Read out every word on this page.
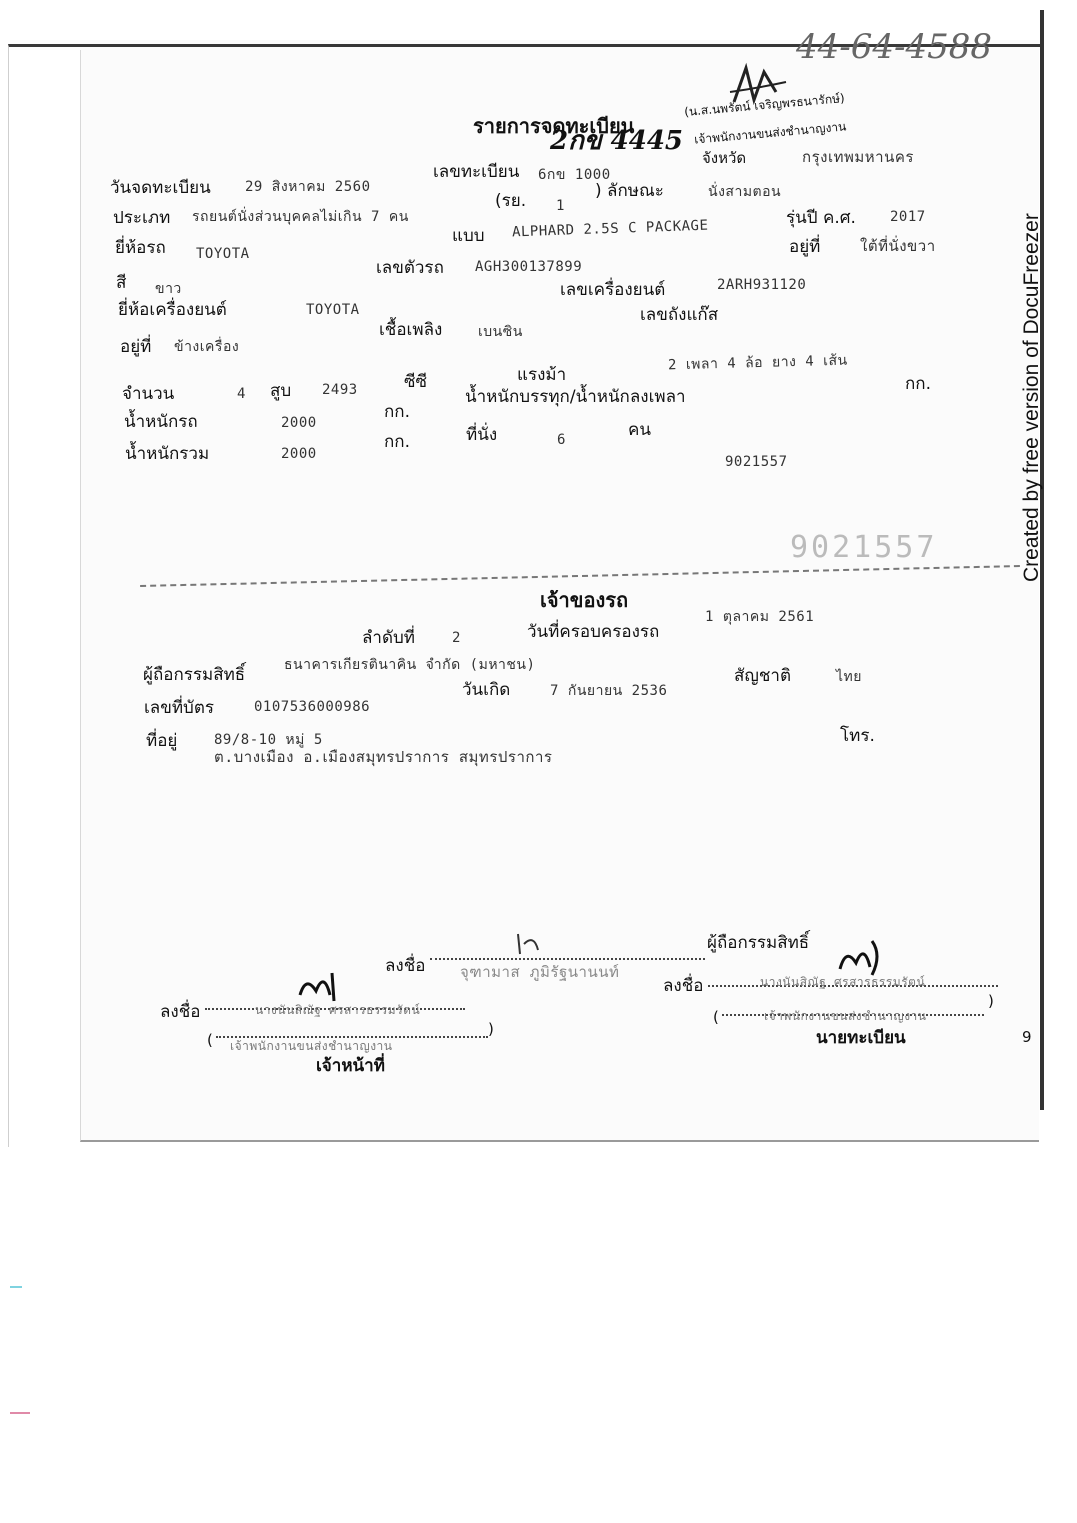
44-64-4588
รายการจดทะเบียน
2กข 4445
(น.ส.นพรัตน์ เจริญพรธนารักษ์)
เจ้าพนักงานขนส่งชำนาญงาน
จังหวัด	กรุงเทพมหานคร
วันจดทะเบียน 29 สิงหาคม 2560
เลขทะเบียน 6กข 1000
ประเภท รถยนต์นั่งส่วนบุคคลไม่เกิน 7 คน
(รย. 1
) ลักษณะ	นั่งสามตอน
ยี่ห้อรถ TOYOTA
แบบ ALPHARD 2.5S C PACKAGE	รุ่นปี ค.ศ. 2017
อยู่ที่	ใต้ที่นั่งขวา
เลขตัวรถ AGH300137899
สี ขาว	เลขเครื่องยนต์	2ARH931120
ยี่ห้อเครื่องยนต์	TOYOTA	เลขถังแก๊ส
เชื้อเพลิง	เบนซิน
อยู่ที่ ข้างเครื่อง
จำนวน	4 สูบ 2493	ซีซี	แรงม้า
2 เพลา 4 ล้อ ยาง 4 เส้น
กก.
น้ำหนักรถ	2000
กก.
น้ำหนักบรรทุก/น้ำหนักลงเพลา
น้ำหนักรวม	2000
กก.	ที่นั่ง	6	คน
9021557
9021557
เจ้าของรถ
ลำดับที่	2	วันที่ครอบครองรถ
1 ตุลาคม 2561
ผู้ถือกรรมสิทธิ์	ธนาคารเกียรตินาคิน จำกัด (มหาชน)
เลขที่บัตร	0107536000986
วันเกิด	7 กันยายน 2536
สัญชาติ	ไทย
ที่อยู่	89/8-10 หมู่ 5	โทร.
ต.บางเมือง อ.เมืองสมุทรปราการ สมุทรปราการ
ลงชื่อ
ผู้ถือกรรมสิทธิ์
จุฑามาส ภูมิรัฐนานนท์
ลงชื่อ	นางนันสิณัฐ ศรสารธรรมรัตน์
(
)
เจ้าพนักงานขนส่งชำนาญงาน
เจ้าหน้าที่
ลงชื่อ	นางนันสิณัฐ ศรสารธรรมรัตน์
(
)
เจ้าพนักงานขนส่งชำนาญงาน
นายทะเบียน	9
Created by free version of DocuFreezer
